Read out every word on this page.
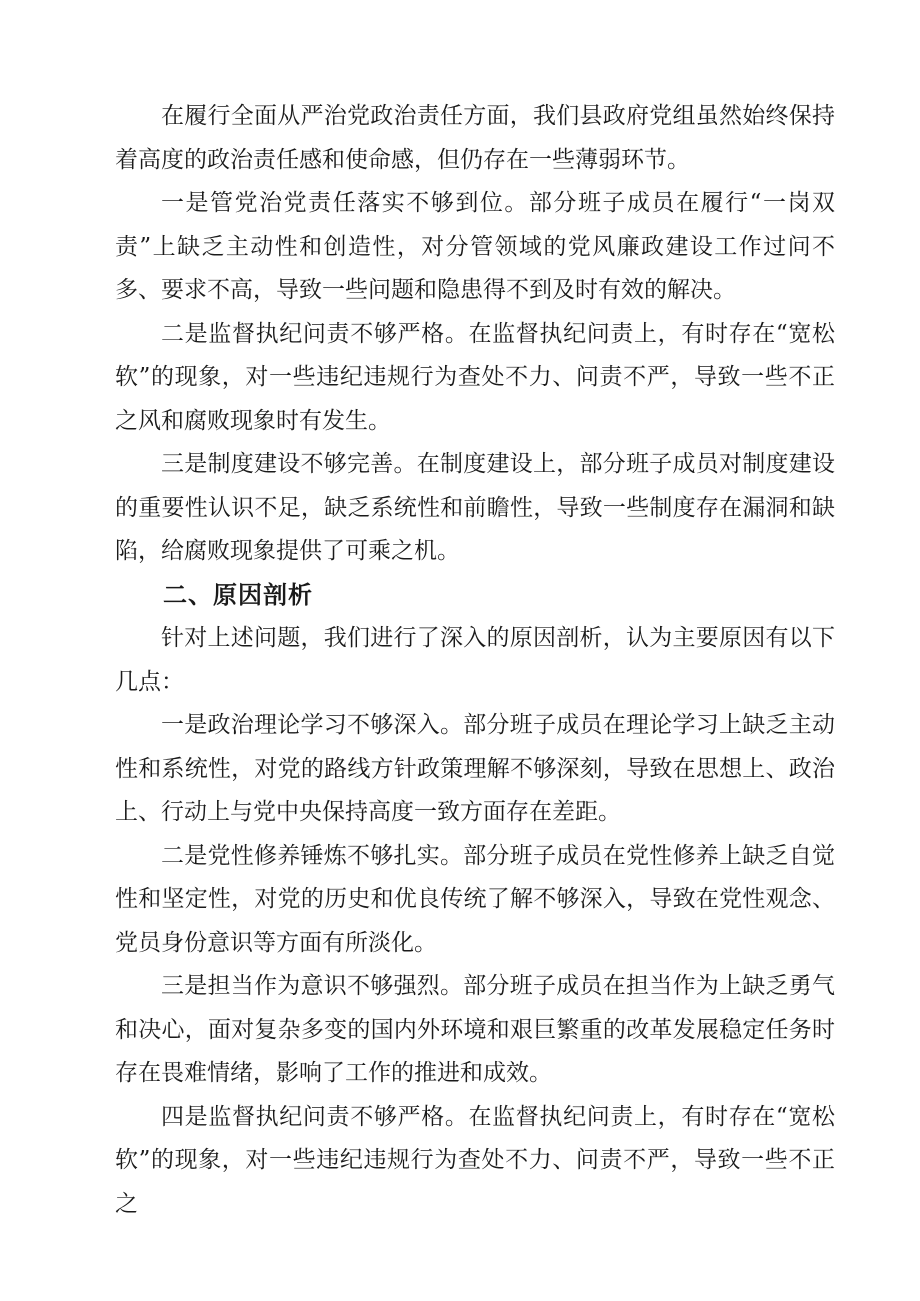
在履行全面从严治党政治责任方面，我们县政府党组虽然始终保持着高度的政治责任感和使命感，但仍存在一些薄弱环节。

一是管党治党责任落实不够到位。部分班子成员在履行“一岗双责”上缺乏主动性和创造性，对分管领域的党风廉政建设工作过问不多、要求不高，导致一些问题和隐患得不到及时有效的解决。

二是监督执纪问责不够严格。在监督执纪问责上，有时存在“宽松软”的现象，对一些违纪违规行为查处不力、问责不严，导致一些不正之风和腐败现象时有发生。

三是制度建设不够完善。在制度建设上，部分班子成员对制度建设的重要性认识不足，缺乏系统性和前瞻性，导致一些制度存在漏洞和缺陷，给腐败现象提供了可乘之机。

二、原因剖析

针对上述问题，我们进行了深入的原因剖析，认为主要原因有以下几点：

一是政治理论学习不够深入。部分班子成员在理论学习上缺乏主动性和系统性，对党的路线方针政策理解不够深刻，导致在思想上、政治上、行动上与党中央保持高度一致方面存在差距。

二是党性修养锤炼不够扎实。部分班子成员在党性修养上缺乏自觉性和坚定性，对党的历史和优良传统了解不够深入，导致在党性观念、党员身份意识等方面有所淡化。

三是担当作为意识不够强烈。部分班子成员在担当作为上缺乏勇气和决心，面对复杂多变的国内外环境和艰巨繁重的改革发展稳定任务时存在畏难情绪，影响了工作的推进和成效。

四是监督执纪问责不够严格。在监督执纪问责上，有时存在“宽松软”的现象，对一些违纪违规行为查处不力、问责不严，导致一些不正之
